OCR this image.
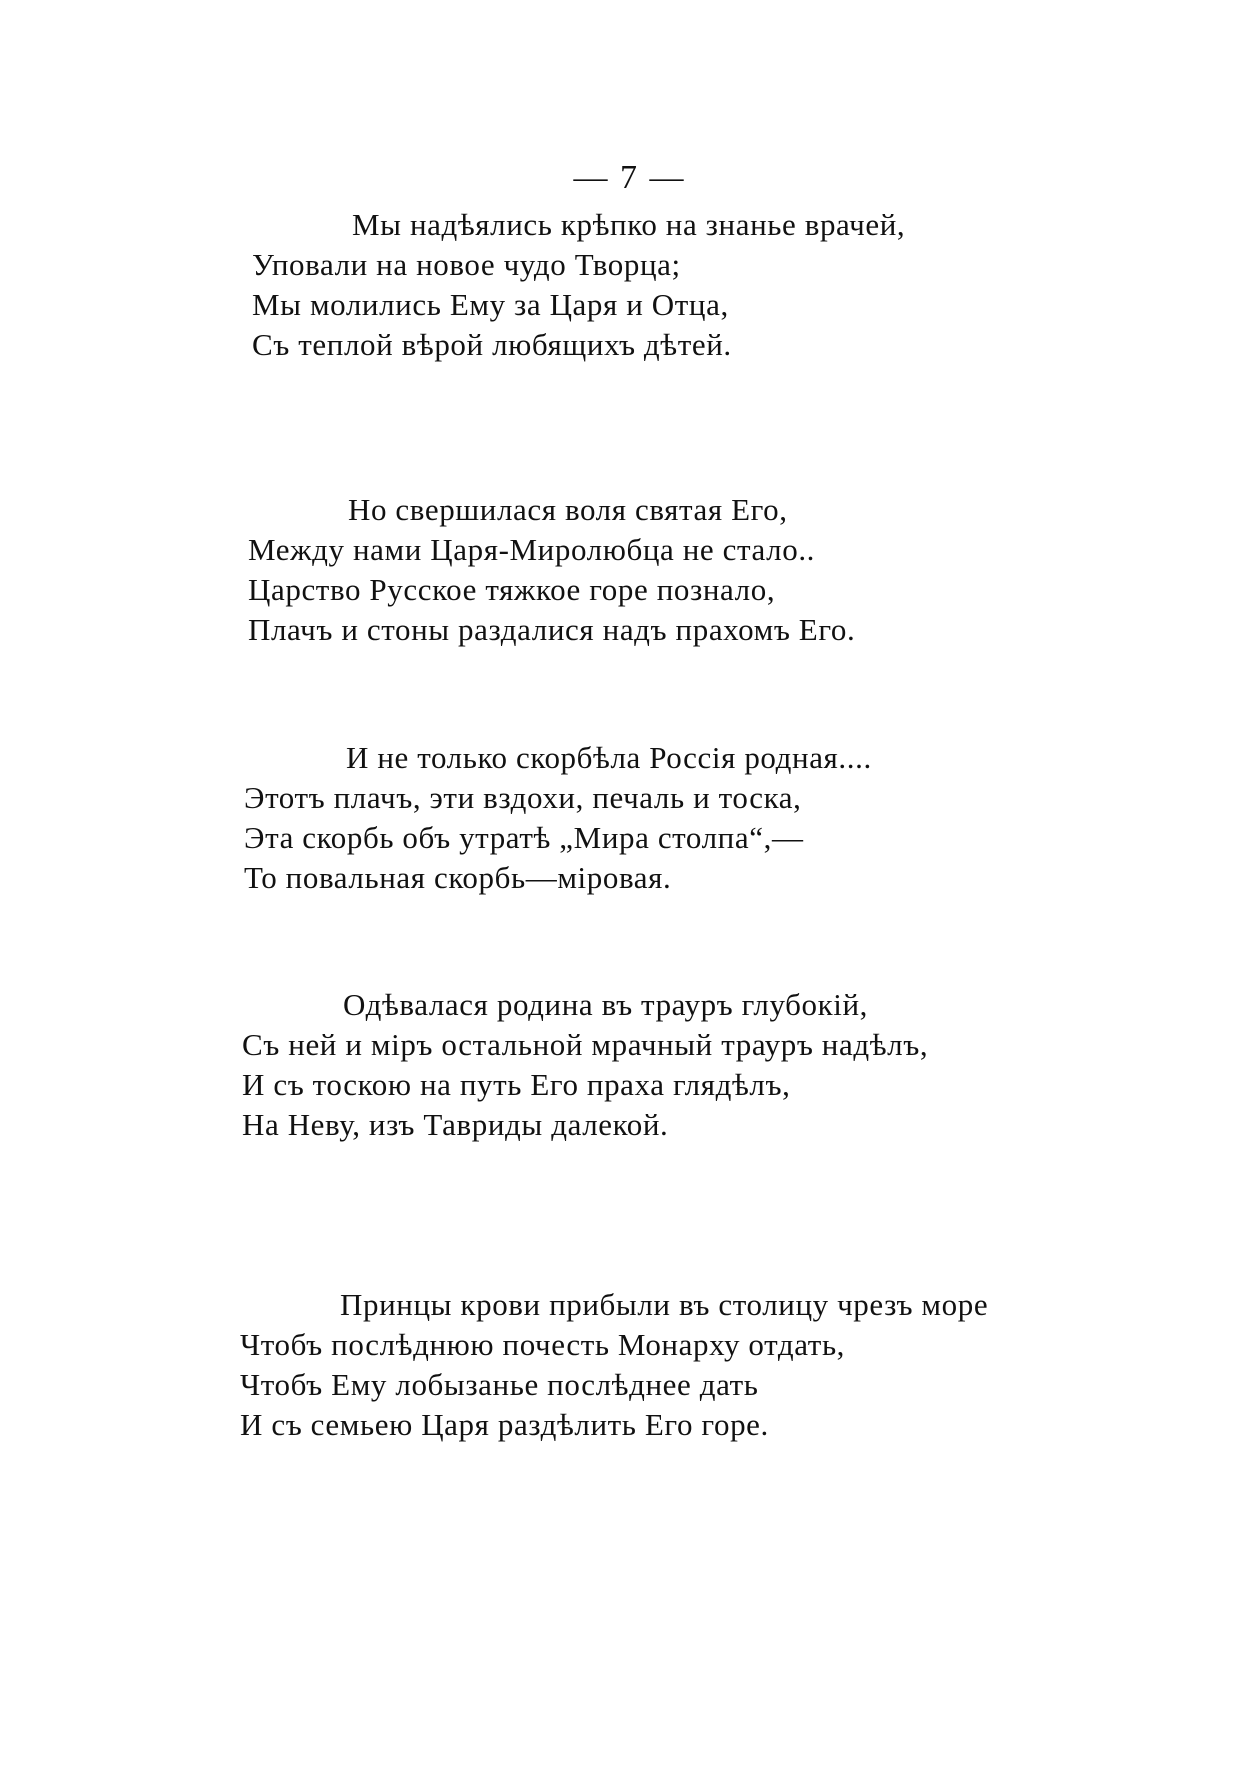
— 7 —
Мы надѣялись крѣпко на знанье врачей,
Уповали на новое чудо Творца;
Мы молились Ему за Царя и Отца,
Съ теплой вѣрой любящихъ дѣтей.
Но свершилася воля святая Его,
Между нами Царя-Миролюбца не стало..
Царство Русское тяжкое горе познало,
Плачъ и стоны раздалися надъ прахомъ Его.
И не только скорбѣла Россія родная....
Этотъ плачъ, эти вздохи, печаль и тоска,
Эта скорбь объ утратѣ „Мира столпа“,—
То повальная скорбь—міровая.
Одѣвалася родина въ трауръ глубокій,
Съ ней и міръ остальной мрачный трауръ надѣлъ,
И съ тоскою на путь Его праха глядѣлъ,
На Неву, изъ Тавриды далекой.
Принцы крови прибыли въ столицу чрезъ море
Чтобъ послѣднюю почесть Монарху отдать,
Чтобъ Ему лобызанье послѣднее дать
И съ семьею Царя раздѣлить Его горе.
